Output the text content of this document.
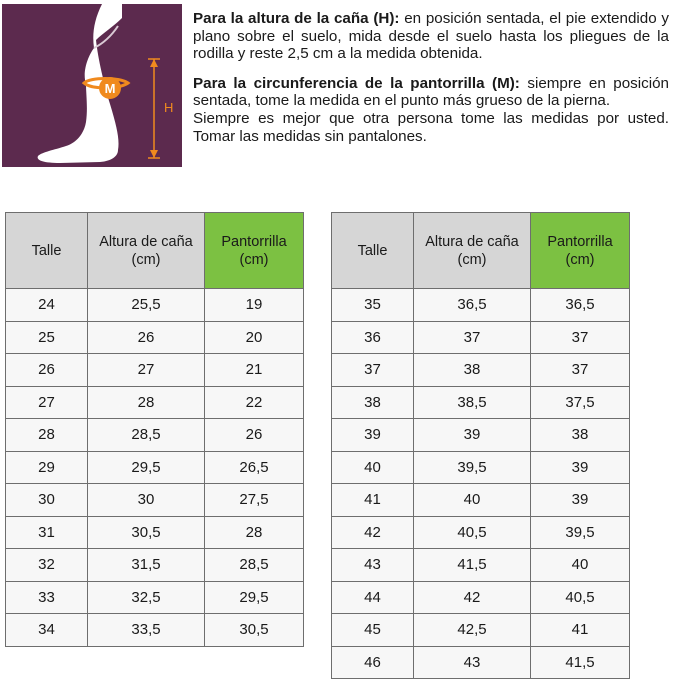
M
H

Para la altura de la caña (H): en posición sentada, el pie extendido y plano sobre el suelo, mida desde el suelo hasta los pliegues de la rodilla y reste 2,5 cm a la medida obtenida.

Para la circunferencia de la pantorrilla (M): siempre en posición sentada, tome la medida en el punto más grueso de la pierna.

Siempre es mejor que otra persona tome las medidas por usted. Tomar las medidas sin pantalones.

Talle	Altura de caña (cm)	Pantorrilla (cm)
24	25,5	19
25	26	20
26	27	21
27	28	22
28	28,5	26
29	29,5	26,5
30	30	27,5
31	30,5	28
32	31,5	28,5
33	32,5	29,5
34	33,5	30,5
Talle	Altura de caña (cm)	Pantorrilla (cm)
35	36,5	36,5
36	37	37
37	38	37
38	38,5	37,5
39	39	38
40	39,5	39
41	40	39
42	40,5	39,5
43	41,5	40
44	42	40,5
45	42,5	41
46	43	41,5
